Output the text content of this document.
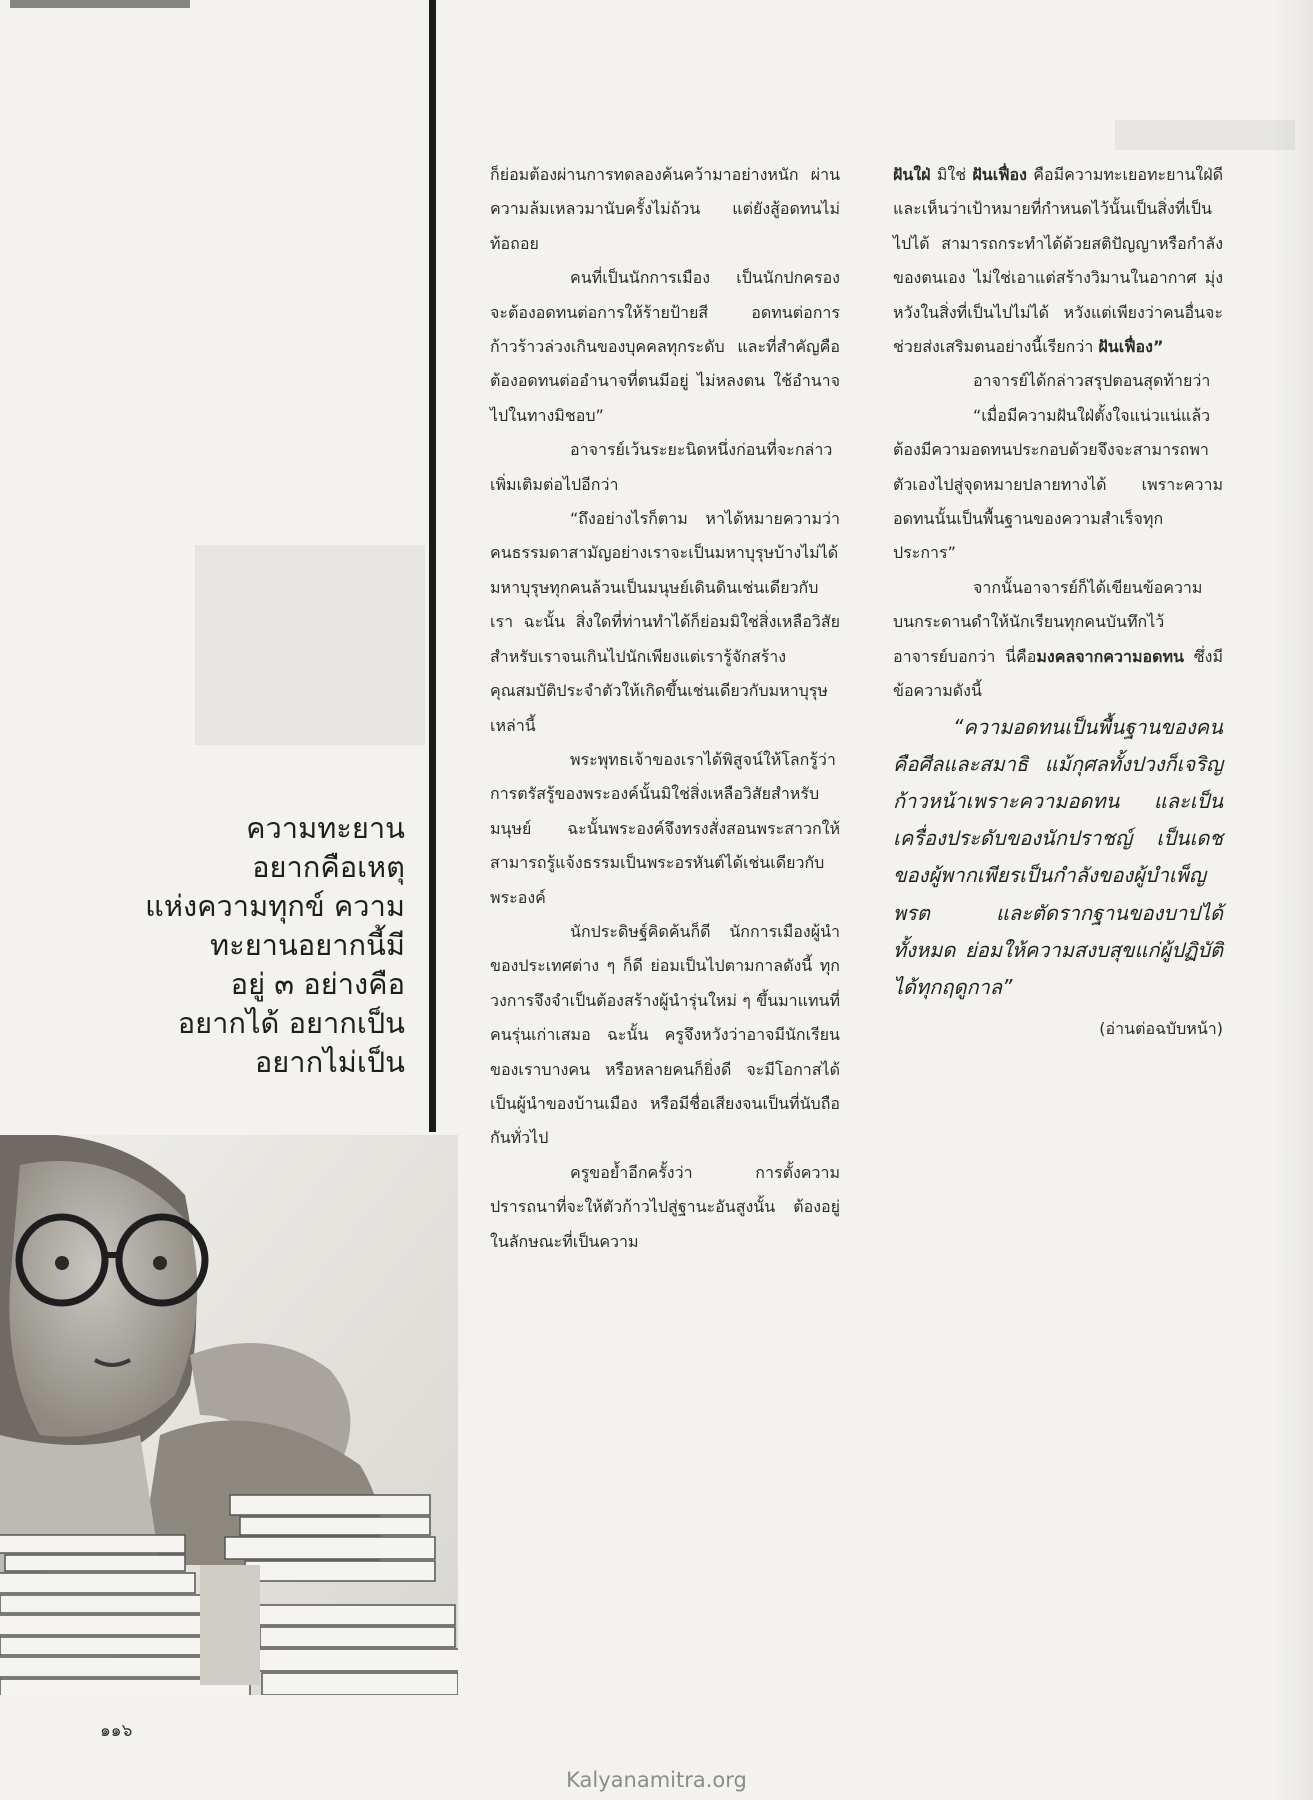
ความทะยาน
อยากคือเหตุ
แห่งความทุกข์ ความ
ทะยานอยากนี้มี
อยู่ ๓ อย่างคือ
อยากได้ อยากเป็น
อยากไม่เป็น

ก็ย่อมต้องผ่านการทดลองค้นคว้ามาอย่างหนัก ผ่านความล้มเหลวมานับครั้งไม่ถ้วน แต่ยังสู้อดทนไม่ท้อถอย

คนที่เป็นนักการเมือง เป็นนักปกครอง จะต้องอดทนต่อการให้ร้ายป้ายสี อดทนต่อการก้าวร้าวล่วงเกินของบุคคลทุกระดับ และที่สำคัญคือต้องอดทนต่ออำนาจที่ตนมีอยู่ ไม่หลงตน ใช้อำนาจไปในทางมิชอบ”

อาจารย์เว้นระยะนิดหนึ่งก่อนที่จะกล่าวเพิ่มเติมต่อไปอีกว่า

“ถึงอย่างไรก็ตาม หาได้หมายความว่า คนธรรมดาสามัญอย่างเราจะเป็นมหาบุรุษบ้างไม่ได้ มหาบุรุษทุกคนล้วนเป็นมนุษย์เดินดินเช่นเดียวกับเรา ฉะนั้น สิ่งใดที่ท่านทำได้ก็ย่อมมิใช่สิ่งเหลือวิสัยสำหรับเราจนเกินไปนักเพียงแต่เรารู้จักสร้างคุณสมบัติประจำตัวให้เกิดขึ้นเช่นเดียวกับมหาบุรุษเหล่านี้

พระพุทธเจ้าของเราได้พิสูจน์ให้โลกรู้ว่า การตรัสรู้ของพระองค์นั้นมิใช่สิ่งเหลือวิสัยสำหรับมนุษย์ ฉะนั้นพระองค์จึงทรงสั่งสอนพระสาวกให้สามารถรู้แจ้งธรรมเป็นพระอรหันต์ได้เช่นเดียวกับพระองค์

นักประดิษฐ์คิดค้นก็ดี นักการเมืองผู้นำของประเทศต่าง ๆ ก็ดี ย่อมเป็นไปตามกาลดังนี้ ทุกวงการจึงจำเป็นต้องสร้างผู้นำรุ่นใหม่ ๆ ขึ้นมาแทนที่คนรุ่นเก่าเสมอ ฉะนั้น ครูจึงหวังว่าอาจมีนักเรียนของเราบางคน หรือหลายคนก็ยิ่งดี จะมีโอกาสได้เป็นผู้นำของบ้านเมือง หรือมีชื่อเสียงจนเป็นที่นับถือกันทั่วไป

ครูขอย้ำอีกครั้งว่า การตั้งความปรารถนาที่จะให้ตัวก้าวไปสู่ฐานะอันสูงนั้น ต้องอยู่ในลักษณะที่เป็นความ

ฝันใฝ่ มิใช่ ฝันเฟื่อง คือมีความทะเยอทะยานใฝ่ดี และเห็นว่าเป้าหมายที่กำหนดไว้นั้นเป็นสิ่งที่เป็นไปได้ สามารถกระทำได้ด้วยสติปัญญาหรือกำลังของตนเอง ไม่ใช่เอาแต่สร้างวิมานในอากาศ มุ่งหวังในสิ่งที่เป็นไปไม่ได้ หวังแต่เพียงว่าคนอื่นจะช่วยส่งเสริมตนอย่างนี้เรียกว่า ฝันเฟื่อง”

อาจารย์ได้กล่าวสรุปตอนสุดท้ายว่า

“เมื่อมีความฝันใฝ่ตั้งใจแน่วแน่แล้ว ต้องมีความอดทนประกอบด้วยจึงจะสามารถพาตัวเองไปสู่จุดหมายปลายทางได้ เพราะความอดทนนั้นเป็นพื้นฐานของความสำเร็จทุกประการ”

จากนั้นอาจารย์ก็ได้เขียนข้อความบนกระดานดำให้นักเรียนทุกคนบันทึกไว้ อาจารย์บอกว่า นี่คือมงคลจากความอดทน ซึ่งมีข้อความดังนี้

“ความอดทนเป็นพื้นฐานของคน คือศีลและสมาธิ แม้กุศลทั้งปวงก็เจริญก้าวหน้าเพราะความอดทน และเป็นเครื่องประดับของนักปราชญ์ เป็นเดชของผู้พากเพียรเป็นกำลังของผู้บำเพ็ญพรต และตัดรากฐานของบาปได้ทั้งหมด ย่อมให้ความสงบสุขแก่ผู้ปฏิบัติได้ทุกฤดูกาล”
(อ่านต่อฉบับหน้า)
๑๑๖
Kalyanamitra.org
